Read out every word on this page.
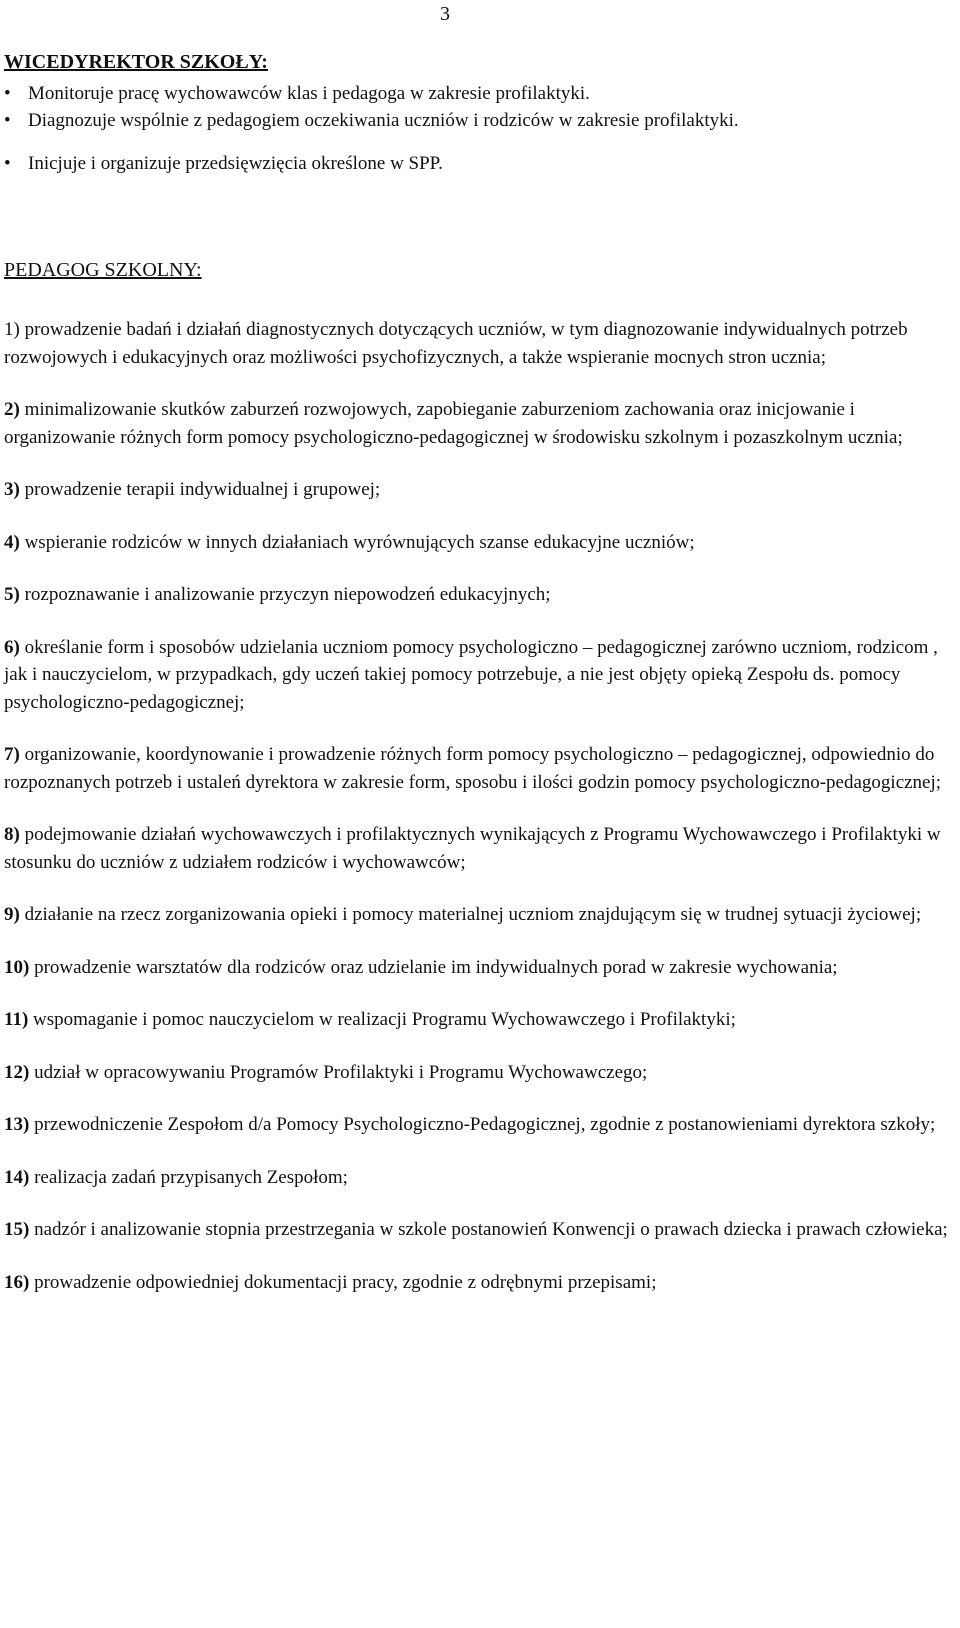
3
WICEDYREKTOR SZKOŁY:
• Monitoruje pracę wychowawców klas i pedagoga w zakresie profilaktyki.
• Diagnozuje wspólnie z pedagogiem oczekiwania uczniów i rodziców w zakresie profilaktyki.
• Inicjuje i organizuje przedsięwzięcia określone w SPP.
PEDAGOG SZKOLNY:

1) prowadzenie badań i działań diagnostycznych dotyczących uczniów, w tym diagnozowanie indywidualnych potrzeb rozwojowych i edukacyjnych oraz możliwości psychofizycznych, a także wspieranie mocnych stron ucznia;

2) minimalizowanie skutków zaburzeń rozwojowych, zapobieganie zaburzeniom zachowania oraz inicjowanie i organizowanie różnych form pomocy psychologiczno-pedagogicznej w środowisku szkolnym i pozaszkolnym ucznia;

3) prowadzenie terapii indywidualnej i grupowej;

4) wspieranie rodziców w innych działaniach wyrównujących szanse edukacyjne uczniów;

5) rozpoznawanie i analizowanie przyczyn niepowodzeń edukacyjnych;

6) określanie form i sposobów udzielania uczniom pomocy psychologiczno – pedagogicznej zarówno uczniom, rodzicom , jak i nauczycielom, w przypadkach, gdy uczeń takiej pomocy potrzebuje, a nie jest objęty opieką Zespołu ds. pomocy psychologiczno-pedagogicznej;

7) organizowanie, koordynowanie i prowadzenie różnych form pomocy psychologiczno – pedagogicznej, odpowiednio do rozpoznanych potrzeb i ustaleń dyrektora w zakresie form, sposobu i ilości godzin pomocy psychologiczno-pedagogicznej;

8) podejmowanie działań wychowawczych i profilaktycznych wynikających z Programu Wychowawczego i Profilaktyki w stosunku do uczniów z udziałem rodziców i wychowawców;

9) działanie na rzecz zorganizowania opieki i pomocy materialnej uczniom znajdującym się w trudnej sytuacji życiowej;

10) prowadzenie warsztatów dla rodziców oraz udzielanie im indywidualnych porad w zakresie wychowania;

11) wspomaganie i pomoc nauczycielom w realizacji Programu Wychowawczego i Profilaktyki;

12) udział w opracowywaniu Programów Profilaktyki i Programu Wychowawczego;

13) przewodniczenie Zespołom d/a Pomocy Psychologiczno-Pedagogicznej, zgodnie z postanowieniami dyrektora szkoły;

14) realizacja zadań przypisanych Zespołom;

15) nadzór i analizowanie stopnia przestrzegania w szkole postanowień Konwencji o prawach dziecka i prawach człowieka;

16) prowadzenie odpowiedniej dokumentacji pracy, zgodnie z odrębnymi przepisami;
